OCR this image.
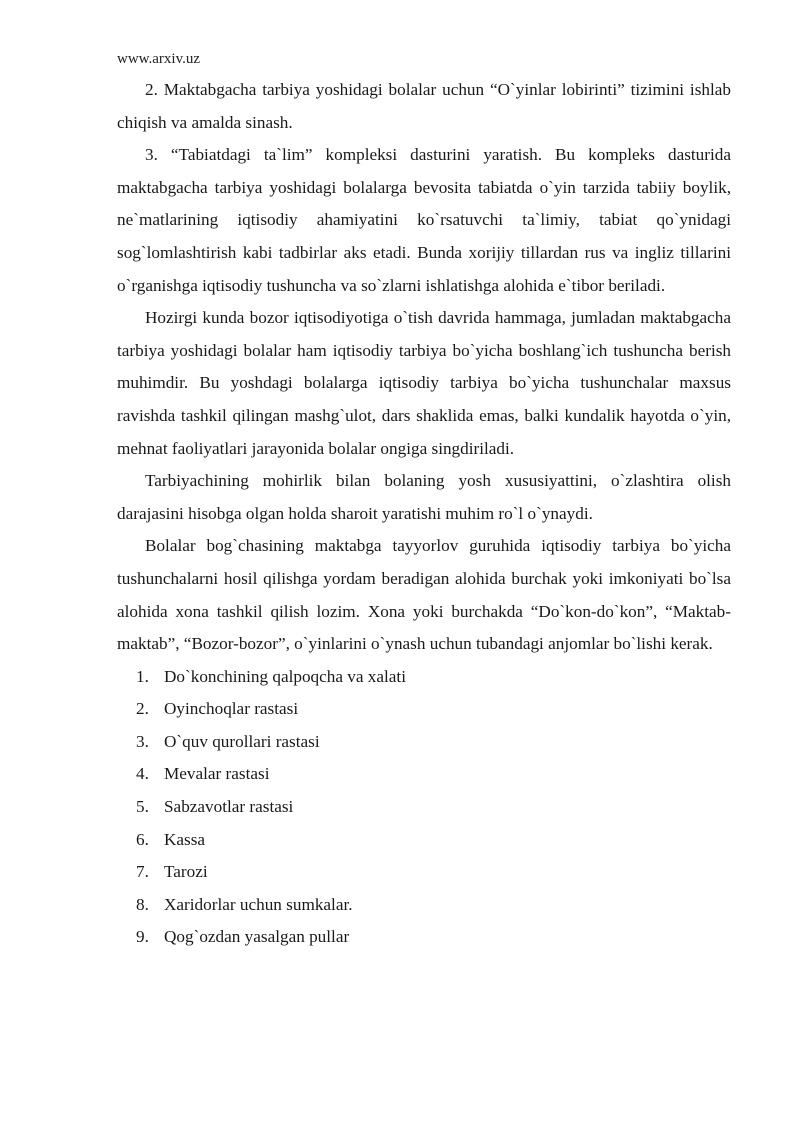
www.arxiv.uz

2. Maktabgacha tarbiya yoshidagi bolalar uchun “O`yinlar lobirinti” tizimini ishlab chiqish va amalda sinash.

3. “Tabiatdagi ta`lim” kompleksi dasturini yaratish. Bu kompleks dasturida maktabgacha tarbiya yoshidagi bolalarga bevosita tabiatda o`yin tarzida tabiiy boylik, ne`matlarining iqtisodiy ahamiyatini ko`rsatuvchi ta`limiy, tabiat qo`ynidagi sog`lomlashtirish kabi tadbirlar aks etadi. Bunda xorijiy tillardan rus va ingliz tillarini o`rganishga iqtisodiy tushuncha va so`zlarni ishlatishga alohida e`tibor beriladi.

Hozirgi kunda bozor iqtisodiyotiga o`tish davrida hammaga, jumladan maktabgacha tarbiya yoshidagi bolalar ham iqtisodiy tarbiya bo`yicha boshlang`ich tushuncha berish muhimdir. Bu yoshdagi bolalarga iqtisodiy tarbiya bo`yicha tushunchalar maxsus ravishda tashkil qilingan mashg`ulot, dars shaklida emas, balki kundalik hayotda o`yin, mehnat faoliyatlari jarayonida bolalar ongiga singdiriladi.

Tarbiyachining mohirlik bilan bolaning yosh xususiyattini, o`zlashtira olish darajasini hisobga olgan holda sharoit yaratishi muhim ro`l o`ynaydi.

Bolalar bog`chasining maktabga tayyorlov guruhida iqtisodiy tarbiya bo`yicha tushunchalarni hosil qilishga yordam beradigan alohida burchak yoki imkoniyati bo`lsa alohida xona tashkil qilish lozim. Xona yoki burchakda “Do`kon-do`kon”, “Maktab- maktab”, “Bozor-bozor”, o`yinlarini o`ynash uchun tubandagi anjomlar bo`lishi kerak.

1. Do`konchining qalpoqcha va xalati
2. Oyinchoqlar rastasi
3. O`quv qurollari rastasi
4. Mevalar rastasi
5. Sabzavotlar rastasi
6. Kassa
7. Tarozi
8. Xaridorlar uchun sumkalar.
9. Qog`ozdan yasalgan pullar
